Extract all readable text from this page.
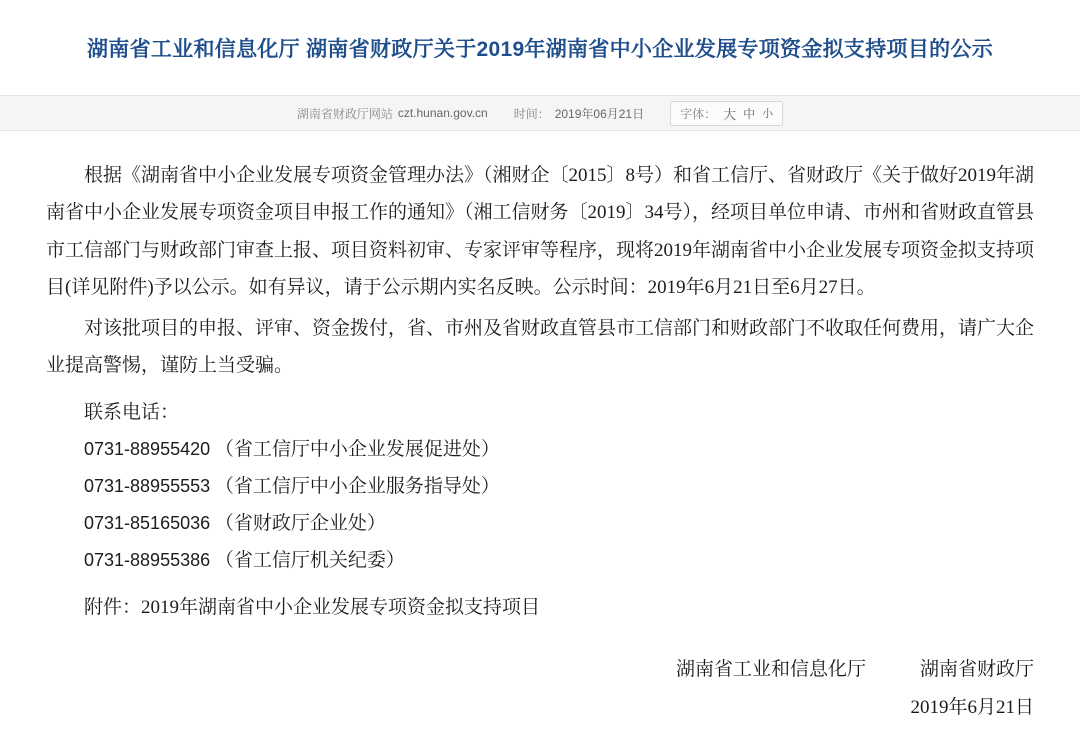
湖南省工业和信息化厅 湖南省财政厅关于2019年湖南省中小企业发展专项资金拟支持项目的公示
湖南省财政厅网站 czt.hunan.gov.cn 时间： 2019年06月21日	字体： 大 中 小

根据《湖南省中小企业发展专项资金管理办法》（湘财企〔2015〕8号）和省工信厅、省财政厅《关于做好2019年湖南省中小企业发展专项资金项目申报工作的通知》（湘工信财务〔2019〕34号），经项目单位申请、市州和省财政直管县市工信部门与财政部门审查上报、项目资料初审、专家评审等程序，现将2019年湖南省中小企业发展专项资金拟支持项目(详见附件)予以公示。如有异议，请于公示期内实名反映。公示时间：2019年6月21日至6月27日。

对该批项目的申报、评审、资金拨付，省、市州及省财政直管县市工信部门和财政部门不收取任何费用，请广大企业提高警惕，谨防上当受骗。

联系电话：

0731-88955420 （省工信厅中小企业发展促进处）
0731-88955553 （省工信厅中小企业服务指导处）
0731-85165036 （省财政厅企业处）
0731-88955386 （省工信厅机关纪委）

附件：2019年湖南省中小企业发展专项资金拟支持项目

湖南省工业和信息化厅	湖南省财政厅
2019年6月21日
